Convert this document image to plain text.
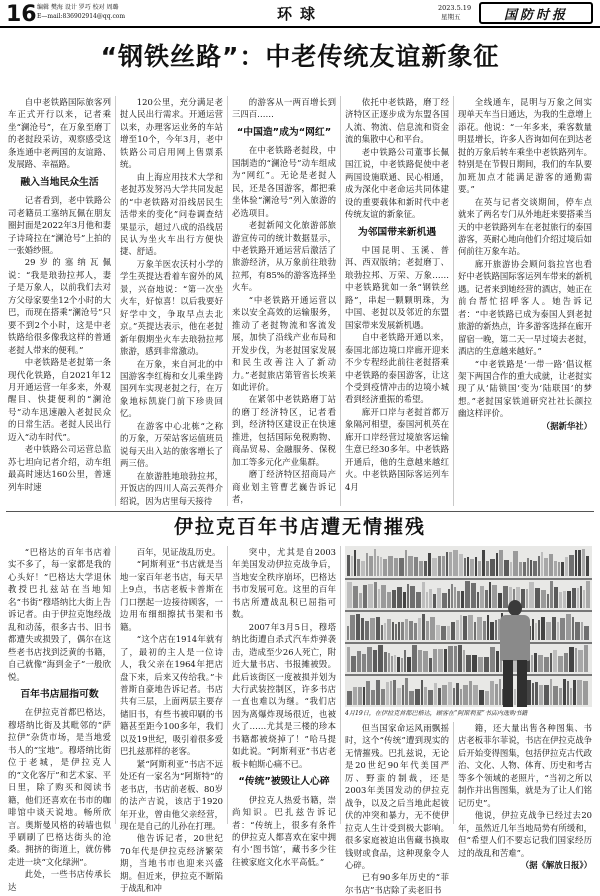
16 编辑 樊海 设计 罗巧 校对 周璐
E—mail:836902914@qq.com	环球	2023.5.19
星期五	国防时报
“钢铁丝路”：中老传统友谊新象征

自中老铁路国际旅客列车正式开行以来，记者乘坐“澜沧号”，在万象至磨丁的老挝段采访，观察感受这条连通中老两国的友谊路、发展路、幸福路。

融入当地民众生活

记者看到，老中铁路公司老籍员工塞纳瓦佩在朋友圈封面是2022年3月他和妻子诗琦拉在“澜沧号”上拍的一张婚纱照。

29岁的塞纳瓦佩说：“我是琅勃拉邦人，妻子是万象人，以前我们去对方父母家要坐12个小时的大巴，而现在搭乘“澜沧号”只要不到2个小时，这是中老铁路给很多像我这样的普通老挝人带来的便利。”

中老铁路是老挝第一条现代化铁路，自2021年12月开通运营一年多来，外观醒目、快捷便利的“澜沧号”动车迅速融入老挝民众的日常生活。老挝人民出行迈入“动车时代”。

老中铁路公司运营总监苏七坦向记者介绍，动车组最高时速达160公里，普速列车时速

120公里，充分满足老挝人民出行需求。开通运营以来，办理客运业务的车站增至10个，今年3月，老中铁路公司启用网上售票系统。

由上海应用技术大学和老挝苏发努冯大学共同发起的“中老铁路对沿线居民生活带来的变化”问卷调查结果显示，超过八成的沿线居民认为坐火车出行方便快捷、舒适。

万象羊医农沃村小学的学生英提达看着车窗外的风景，兴奋地说：“第一次坐火车，好惊喜！以后我要好好学中文，争取早点去北京。”英提达表示，他在老挝新年假期坐火车去琅勃拉邦旅游，感到非常激动。

在万象，来自河北的中国游客李红梅和女儿乘坐跨国列车实现老挝之行，在万象地标凯旋门前下珍贵回忆。

在游客中心北栋“之称的万象，万荣站客运值班员说每天出入站的旅客增长了两三倍。

在旅游胜地琅勃拉邦，开饭店的四川人高云英得介绍说，因为店里每天接待

的游客从一两百增长到三四百……

“中国造”成为“网红”

在中老铁路老挝段，中国制造的“澜沧号”动车组成为“网红”。无论是老挝人民，还是各国游客，都把乘坐体验“澜沧号”列入旅游的必选项目。

老挝新闻文化旅游部旅游宣传司的统计数据显示，中老铁路开通运营后激活了旅游经济，从万象前往琅勃拉邦，有85%的游客选择坐火车。

“中老铁路开通运营以来以安全高效的运输服务，推动了老挝物流和客流发展，加快了沿线产业布局和开发步伐，为老挝国家发展和民生改善注入了新动力。”老挝旅店第管省长埃莱如此评价。

在紧邻中老铁路磨丁站的磨丁经济特区，记者看到，经济特区建设正在快速推进，包括国际免税购物、商品贸易、金融服务、保税加工等多元化产业集群。

磨丁经济特区招商局产商业划主管曹艺巍告诉记者，

依托中老铁路，磨丁经济特区正逐步成为东盟各国人流、物流、信息流和资金流的集散中心和平台。

老中铁路公司董事长佩国江说，中老铁路促使中老两国设施联通、民心相通，成为深化中老命运共同体建设的重要载体和新时代中老传统友谊的新象征。

为邻国带来新机遇

中国昆明、玉溪、普洱、西双版纳；老挝磨丁、琅勃拉邦、万荣、万象……中老铁路犹如一条“钢铁丝路”，串起一颗颗明珠，为中国、老挝以及邻近的东盟国家带来发展新机遇。

自中老铁路开通以来，泰国北部边境口岸廊开迎来不少专程经此前往老挝搭乘中老铁路的泰国游客，让这个受到疫情冲击的边境小城看到经济重振的希望。

廊开口岸与老挝首都万象隔河相望，泰国河机英在廊开口岸经营过境旅客运输生意已经30多年。中老铁路开通后，他的生意越来越红火。中老铁路国际客运列车4月

全线通车，昆明与万象之间实现单天车当日通达，为我的生意增上添花。他说：“一年多来，乘客数量明显增长，许多人咨询如何在到达老挝的万象后转车乘坐中老铁路列车。特别是在节假日期间，我们的车队要加班加点才能满足游客的通勤需要。”

在英与记者交谈期间，停车点就来了两名专门从外地赶来要搭乘当天的中老铁路列车在老挝旅行的泰国游客，英耐心地向他们介绍过境后如何前往万象车站。

廊开旅游协会顾问翁拉宫也看好中老铁路国际客运列车带来的新机遇。记者来到她经营的酒店，她正在前台帮忙招呼客人。她告诉记者：“中老铁路已成为泰国人到老挝旅游的新热点，许多游客选择在廊开留宿一晚，第二天一早过境去老挝，酒店的生意越来越好。”

“中老铁路是‘一带一路’倡议框架下两国合作的重大成就，让老挝实现了从‘陆锁国’变为‘陆联国’的梦想。”老挝国家铁道研究社社长颜拉幽这样评价。

（据新华社）

伊拉克百年书店遭无情摧残

“巴格达的百年书店着实不多了，每一家都是我的心头好！”巴格达大学退休教授巴扎兹站在当地知名“书街”穆塔纳比大街上告诉记者。由于伊拉克饱经战乱和动荡，很多古书、旧书都遭失或损毁了，偶尔在这些老书店找到泛黄的书籍，自己就像“海到金子”一般欣悦。

百年书店屈指可数

在伊拉克首都巴格达，穆塔纳比街及其毗邻的“萨拉伊”杂货市场，是当地爱书人的“宝地”。穆塔纳比街位于老城，是伊拉克人的“文化客厅”和艺术家、平日里，除了购买和阅读书籍，他们还喜欢在书市的咖啡馆中谈天说地。畅所欣言。奥斯曼风格的砖墙也似乎刷刷了巴格达街头的沧桑。拥挤的街道上，就仿佛走进一块“文化绿洲”。

此处，一些书店传承长达

百年，见证战乱历史。

“阿斯利亚”书店就是当地一家百年老书店，每天早上9点，书店老板卡普斯在门口摆起一边接待顾客，一边用布细细擦拭书架和书籍。

“这个店在1914年就有了，最初的主人是一位诗人，我父亲在1964年把店盘下来，后来又传给我。”卡普斯自豪地告诉记者。书店共有三层，上面两层主要存储旧书，有些书被印刷的书籍甚至距今100多年，我们以及19世纪，吸引着很多爱巴扎兹那样的老客。

紧“阿斯利亚”书店不远处还有一家名为“阿斯特”的老书店，书店前老板、80岁的法产吉说，该店于1920年开业，曾由他父亲经营，现在是自己的儿孙在打理。

他告诉记者，20世纪70年代是伊拉克经济繁荣期，当地书市也迎来兴盛期。但近来，伊拉克不断陷于战乱和冲

突中，尤其是自2003年美国发动伊拉克战争后，当地安全秩序崩坏，巴格达书市发展可危。这里的百年书店所遭战乱积已屈指可数。

2007年3月5日，穆塔纳比街遭自杀式汽车炸弹袭击，造成至少26人死亡，附近大量书店、书报摊被毁。此后该街区一度被损并划为大行武装控制区，许多书店一直也难以为继。“我们店因为离爆炸现场很近，也被火了……尤其是三楼的珍本书籍都被烧掉了！”哈马提如此说。“阿斯利亚”书店老板卡帕斯心痛不已。

“传统”被毁让人心碎

伊拉克人热爱书籍，崇尚知识。巴扎兹告诉记者：“传统上，很多有条件的伊拉克人都喜欢在家中拥有小‘图书馆’，藏书多少往往被家庭文化水平高低。”

4月19日，在伊拉克首都巴格达，顾客在“阿斯利亚”书店内选购书籍

但当国家命运风雨飘摇时，这个“传统”遭到现实的无情摧残。巴扎兹说，无论是20世纪90年代美国严厉、野蛮的制裁，还是2003年美国发动的伊拉克战争，以及之后当地此起彼伏的冲突和暴力，无不使伊拉克人生计受到极大影响。很多家庭被迫出售藏书换取钱财或食品，这种现象令人心碎。

已有90多年历史的“菲尔书店”书店除了卖老旧书

籍，还大量出售各种图集、书店老板菲尔菲说，书店在伊拉克战争后开始变得图集，包括伊拉克古代政治、文化、人物、体育、历史和考古等多个领域的老照片，“当初之所以制作并出售图集，就是为了让人们铭记历史”。

他说，伊拉克战争已经过去20年，虽然近几年当地局势有所缓和，但“希望人们不要忘记我们国家经历过的战乱和苦难”。

（据《解放日报》）
